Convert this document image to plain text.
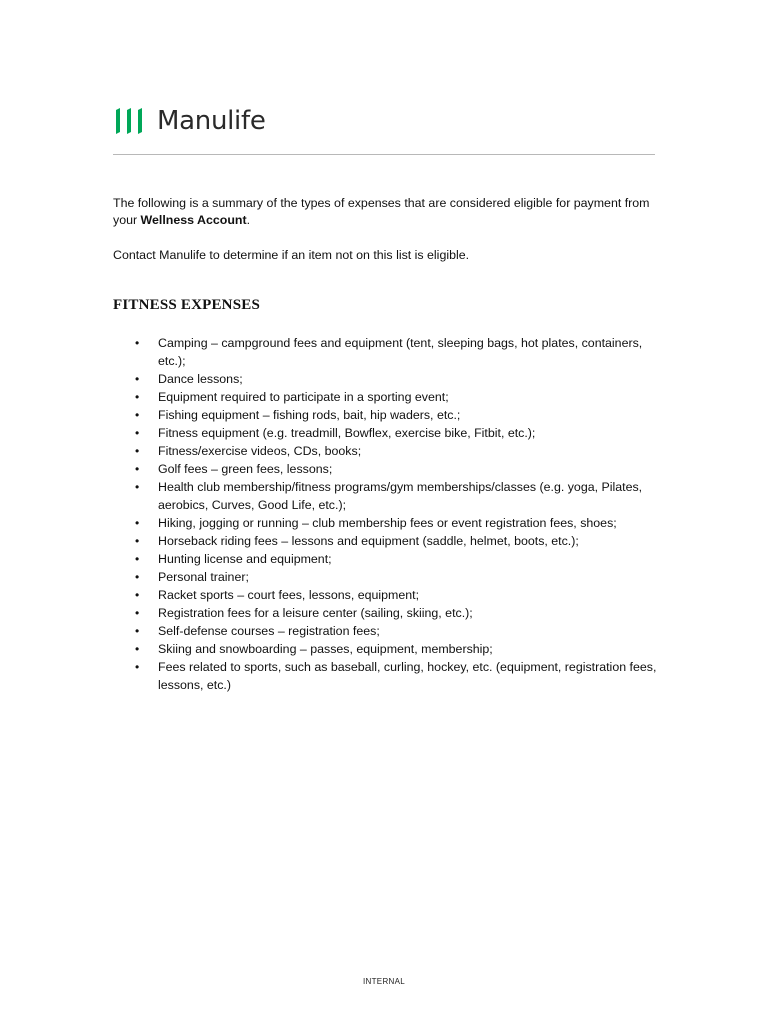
Manulife
The following is a summary of the types of expenses that are considered eligible for payment from your Wellness Account.
Contact Manulife to determine if an item not on this list is eligible.
FITNESS EXPENSES
• Camping – campground fees and equipment (tent, sleeping bags, hot plates, containers, etc.);
• Dance lessons;
• Equipment required to participate in a sporting event;
• Fishing equipment – fishing rods, bait, hip waders, etc.;
• Fitness equipment (e.g. treadmill, Bowflex, exercise bike, Fitbit, etc.);
• Fitness/exercise videos, CDs, books;
• Golf fees – green fees, lessons;
• Health club membership/fitness programs/gym memberships/classes (e.g. yoga, Pilates, aerobics, Curves, Good Life, etc.);
• Hiking, jogging or running – club membership fees or event registration fees, shoes;
• Horseback riding fees – lessons and equipment (saddle, helmet, boots, etc.);
• Hunting license and equipment;
• Personal trainer;
• Racket sports – court fees, lessons, equipment;
• Registration fees for a leisure center (sailing, skiing, etc.);
• Self-defense courses – registration fees;
• Skiing and snowboarding – passes, equipment, membership;
• Fees related to sports, such as baseball, curling, hockey, etc. (equipment, registration fees, lessons, etc.)
INTERNAL
